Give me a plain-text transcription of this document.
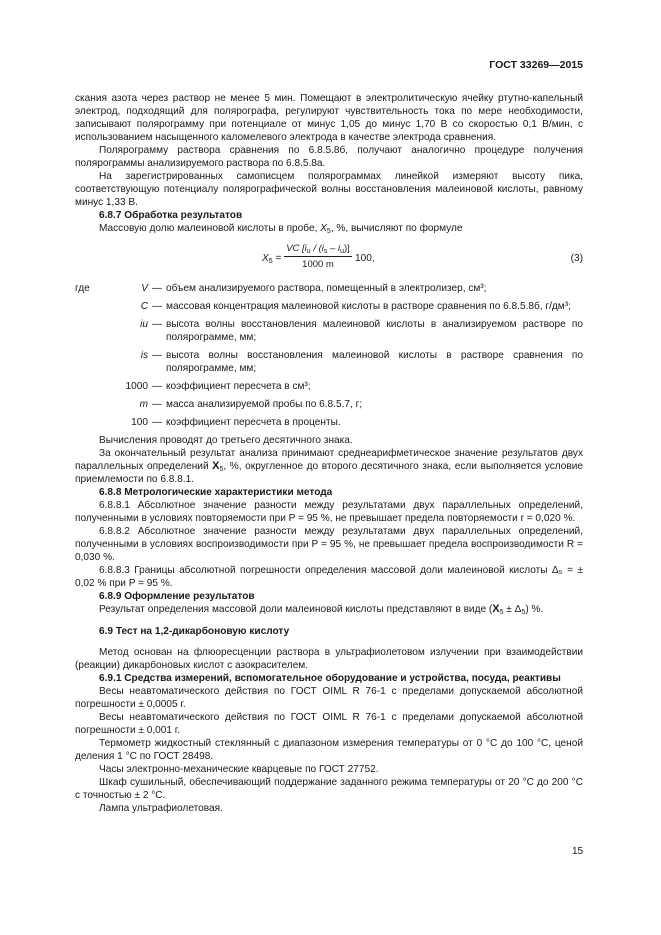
ГОСТ 33269—2015

скания азота через раствор не менее 5 мин. Помещают в электролитическую ячейку ртутно-капельный электрод, подходящий для полярографа, регулируют чувствительность тока по мере необходимости, записывают полярограмму при потенциале от минус 1,05 до минус 1,70 В со скоростью 0,1 В/мин, с использованием насыщенного каломелевого электрода в качестве электрода сравнения.

Полярограмму раствора сравнения по 6.8.5.8б, получают аналогично процедуре получения полярограммы анализируемого раствора по 6.8.5.8а.

На зарегистрированных самописцем полярограммах линейкой измеряют высоту пика, соответствующую потенциалу полярографической волны восстановления малеиновой кислоты, равному минус 1,33 В.

6.8.7 Обработка результатов

Массовую долю малеиновой кислоты в пробе, $X_5$, %, вычисляют по формуле

$X_5 = \frac{VC [i_u / (i_s - i_u)]}{1000 m} 100$,	(3)
где	V — объем анализируемого раствора, помещенный в электролизер, см³;
C — массовая концентрация малеиновой кислоты в растворе сравнения по 6.8.5.8б, г/дм³;
iu — высота волны восстановления малеиновой кислоты в анализируемом растворе по полярограмме, мм;
is — высота волны восстановления малеиновой кислоты в растворе сравнения по полярограмме, мм;
1000 — коэффициент пересчета в см³;
m — масса анализируемой пробы по 6.8.5.7, г;
100 — коэффициент пересчета в проценты.

Вычисления проводят до третьего десятичного знака.

За окончательный результат анализа принимают среднеарифметическое значение результатов двух параллельных определений $X_5$, %, округленное до второго десятичного знака, если выполняется условие приемлемости по 6.8.8.1.

6.8.8 Метрологические характеристики метода

6.8.8.1 Абсолютное значение разности между результатами двух параллельных определений, полученными в условиях повторяемости при P = 95 %, не превышает предела повторяемости r = 0,020 %.

6.8.8.2 Абсолютное значение разности между результатами двух параллельных определений, полученными в условиях воспроизводимости при P = 95 %, не превышает предела воспроизводимости R = 0,030 %.

6.8.8.3 Границы абсолютной погрешности определения массовой доли малеиновой кислоты Δ₅ = ± 0,02 % при P = 95 %.

6.8.9 Оформление результатов

Результат определения массовой доли малеиновой кислоты представляют в виде $(X_5 \pm \Delta_5)$ %.

6.9 Тест на 1,2-дикарбоновую кислоту

Метод основан на флюоресценции раствора в ультрафиолетовом излучении при взаимодействии (реакции) дикарбоновых кислот с азокрасителем.

6.9.1 Средства измерений, вспомогательное оборудование и устройства, посуда, реактивы

Весы неавтоматического действия по ГОСТ OIML R 76-1 с пределами допускаемой абсолютной погрешности ± 0,0005 г.

Весы неавтоматического действия по ГОСТ OIML R 76-1 с пределами допускаемой абсолютной погрешности ± 0,001 г.

Термометр жидкостный стеклянный с диапазоном измерения температуры от 0 °C до 100 °C, ценой деления 1 °C по ГОСТ 28498.

Часы электронно-механические кварцевые по ГОСТ 27752.

Шкаф сушильный, обеспечивающий поддержание заданного режима температуры от 20 °C до 200 °C с точностью ± 2 °C.

Лампа ультрафиолетовая.

15
